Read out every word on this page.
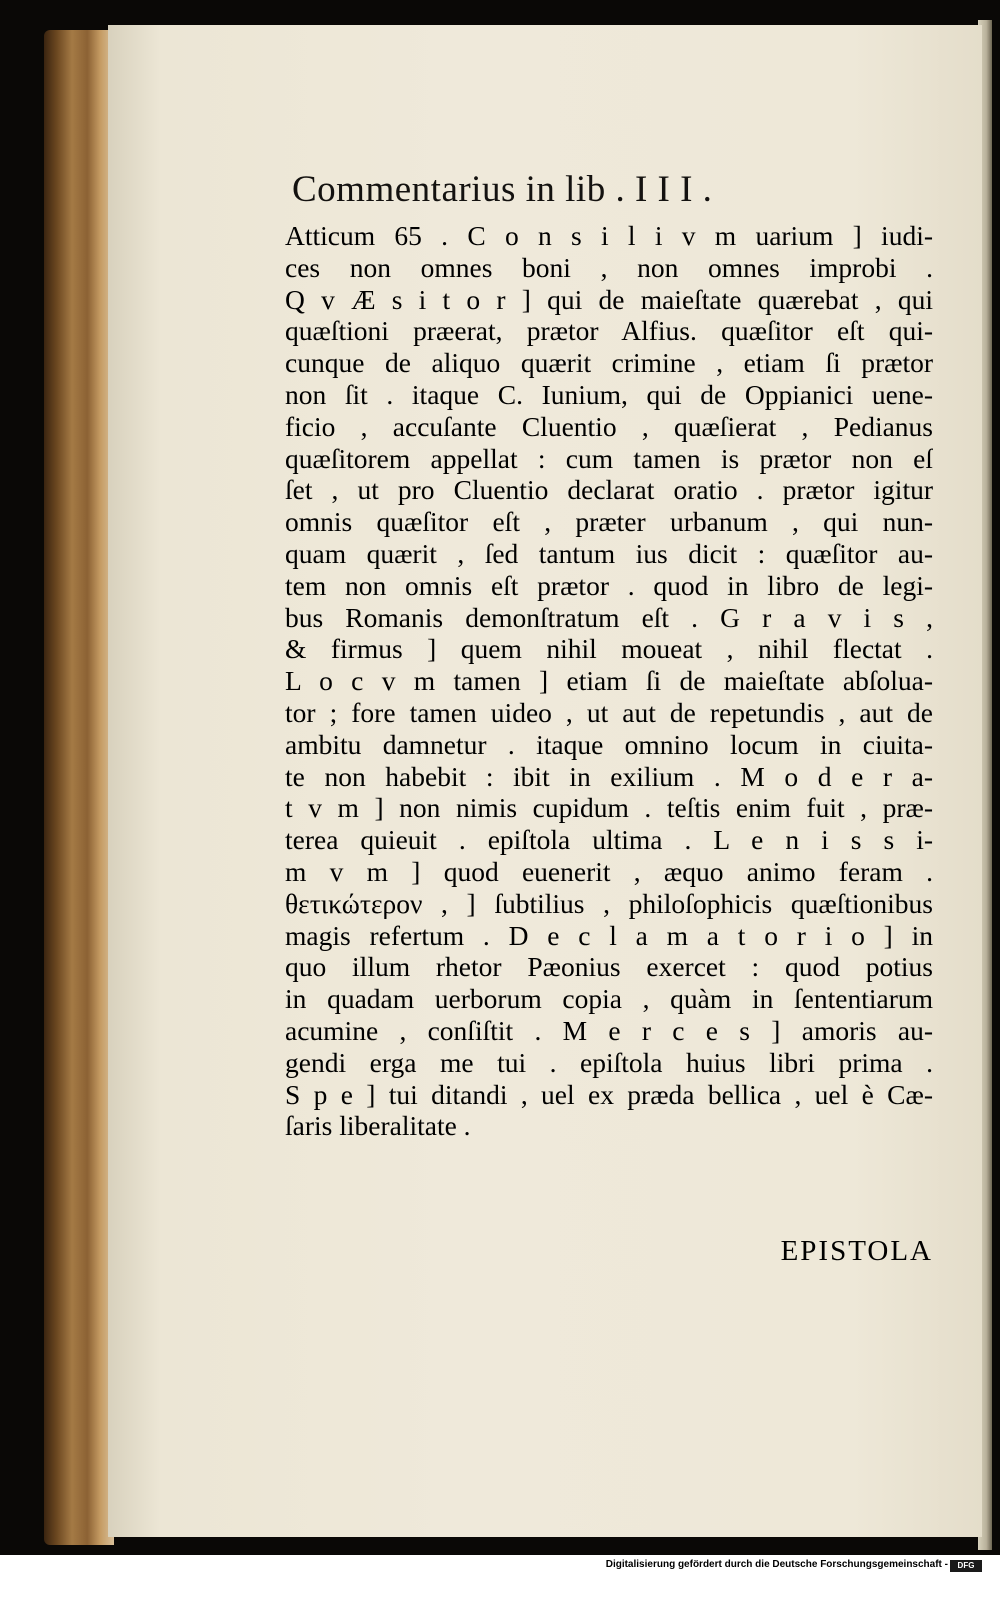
Commentarius in lib . I I I .
Atticum 65 . C o n s i l i v m uarium ] iudi-
ces non omnes boni , non omnes improbi .
Q v Æ s i t o r ] qui de maieſtate quærebat , qui
quæſtioni præerat, prætor Alfius. quæſitor eſt qui-
cunque de aliquo quærit crimine , etiam ſi prætor
non ſit . itaque C. Iunium, qui de Oppianici uene-
ficio , accuſante Cluentio , quæſierat , Pedianus
quæſitorem appellat : cum tamen is prætor non eſ
ſet , ut pro Cluentio declarat oratio . prætor igitur
omnis quæſitor eſt , præter urbanum , qui nun-
quam quærit , ſed tantum ius dicit : quæſitor au-
tem non omnis eſt prætor . quod in libro de legi-
bus Romanis demonſtratum eſt . G r a v i s ,
& firmus ] quem nihil moueat , nihil flectat .
L o c v m tamen ] etiam ſi de maieſtate abſolua-
tor ; fore tamen uideo , ut aut de repetundis , aut de
ambitu damnetur . itaque omnino locum in ciuita-
te non habebit : ibit in exilium . M o d e r a-
t v m ] non nimis cupidum . teſtis enim fuit , præ-
terea quieuit . epiſtola ultima . L e n i s s i-
m v m ] quod euenerit , æquo animo feram .
θετικώτερον , ] ſubtilius , philoſophicis quæſtionibus
magis refertum . D e c l a m a t o r i o ] in
quo illum rhetor Pæonius exercet : quod potius
in quadam uerborum copia , quàm in ſententiarum
acumine , conſiſtit . M e r c e s ] amoris au-
gendi erga me tui . epiſtola huius libri prima .
S p e ] tui ditandi , uel ex præda bellica , uel è Cæ-
ſaris liberalitate .
EPISTOLA
Digitalisierung gefördert durch die Deutsche Forschungsgemeinschaft -	DFG
